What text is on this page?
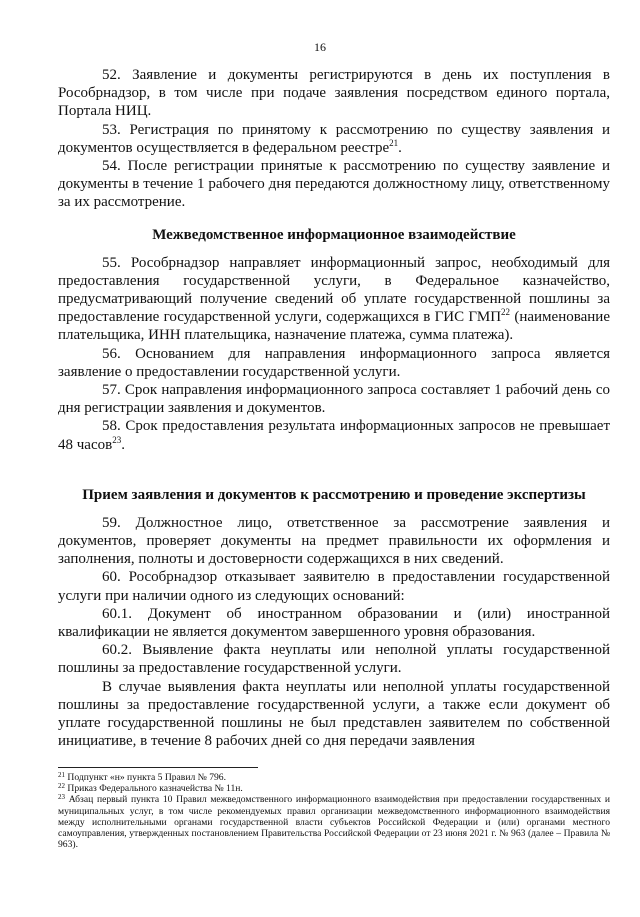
16

52. Заявление и документы регистрируются в день их поступления в Рособрнадзор, в том числе при подаче заявления посредством единого портала, Портала НИЦ.

53. Регистрация по принятому к рассмотрению по существу заявления и документов осуществляется в федеральном реестре$^{21}$.

54. После регистрации принятые к рассмотрению по существу заявление и документы в течение 1 рабочего дня передаются должностному лицу, ответственному за их рассмотрение.

Межведомственное информационное взаимодействие

55. Рособрнадзор направляет информационный запрос, необходимый для предоставления государственной услуги, в Федеральное казначейство, предусматривающий получение сведений об уплате государственной пошлины за предоставление государственной услуги, содержащихся в ГИС ГМП$^{22}$ (наименование плательщика, ИНН плательщика, назначение платежа, сумма платежа).

56. Основанием для направления информационного запроса является заявление о предоставлении государственной услуги.

57. Срок направления информационного запроса составляет 1 рабочий день со дня регистрации заявления и документов.

58. Срок предоставления результата информационных запросов не превышает 48 часов$^{23}$.

Прием заявления и документов к рассмотрению и проведение экспертизы

59. Должностное лицо, ответственное за рассмотрение заявления и документов, проверяет документы на предмет правильности их оформления и заполнения, полноты и достоверности содержащихся в них сведений.

60. Рособрнадзор отказывает заявителю в предоставлении государственной услуги при наличии одного из следующих оснований:

60.1. Документ об иностранном образовании и (или) иностранной квалификации не является документом завершенного уровня образования.

60.2. Выявление факта неуплаты или неполной уплаты государственной пошлины за предоставление государственной услуги.

В случае выявления факта неуплаты или неполной уплаты государственной пошлины за предоставление государственной услуги, а также если документ об уплате государственной пошлины не был представлен заявителем по собственной инициативе, в течение 8 рабочих дней со дня передачи заявления

$^{21}$ Подпункт «н» пункта 5 Правил № 796.

$^{22}$ Приказ Федерального казначейства № 11н.

$^{23}$ Абзац первый пункта 10 Правил межведомственного информационного взаимодействия при предоставлении государственных и муниципальных услуг, в том числе рекомендуемых правил организации межведомственного информационного взаимодействия между исполнительными органами государственной власти субъектов Российской Федерации и (или) органами местного самоуправления, утвержденных постановлением Правительства Российской Федерации от 23 июня 2021 г. № 963 (далее – Правила № 963).
